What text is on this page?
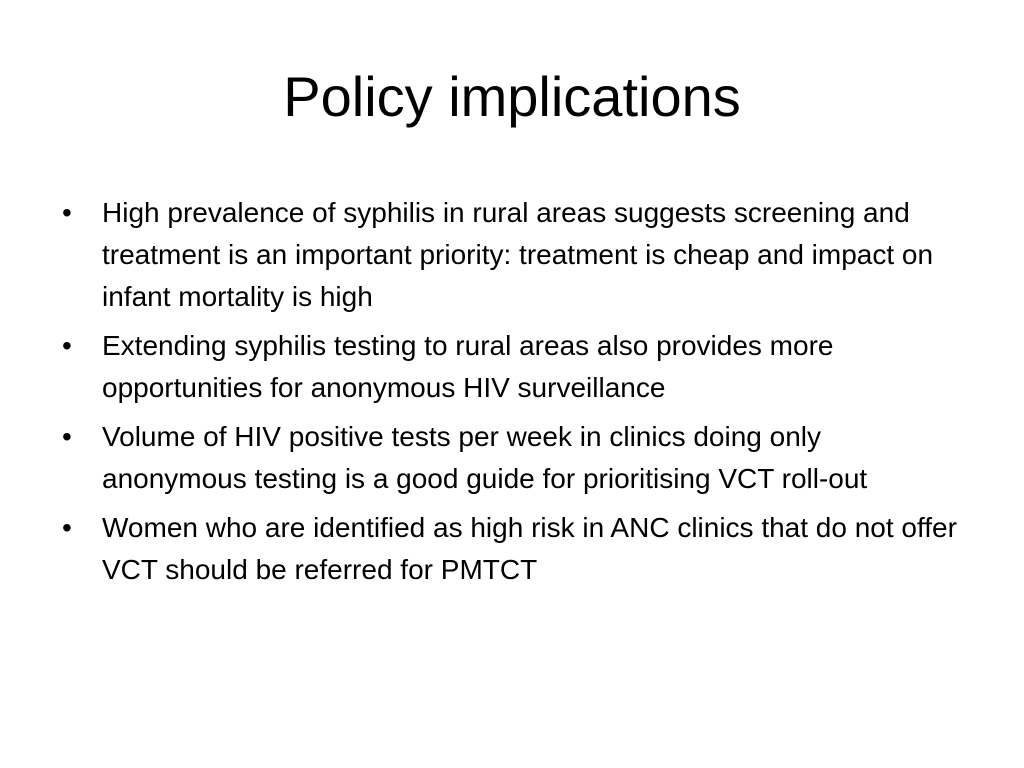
Policy implications
•	High prevalence of syphilis in rural areas suggests screening and treatment is an important priority: treatment is cheap and impact on infant mortality is high
•	Extending syphilis testing to rural areas also provides more opportunities for anonymous HIV surveillance
•	Volume of HIV positive tests per week in clinics doing only anonymous testing is a good guide for prioritising VCT roll-out
•	Women who are identified as high risk in ANC clinics that do not offer VCT should be referred for PMTCT
